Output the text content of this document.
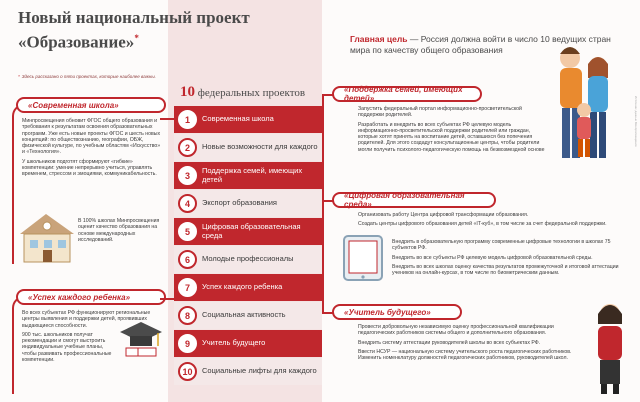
Новый национальный проект
«Образование»*
* Здесь рассказано о пяти проектах, которые наиболее важны.
«Современная школа»

Минпросвещения обновит ФГОС общего образования и требования к результатам освоения образовательных программ. Уже есть новые проекты ФГОС и шесть новых концепций: по обществознанию, географии, ОБЖ, физической культуре, по учебным областям «Искусство» и «Технология».

У школьников подготят сформируют «гибкие» компетенции: умение непрерывно учиться, управлять временем, стрессом и эмоциями, коммуникабельность.

В 100% школах Минпросвещения оценит качество образования на основе международных исследований.
«Успех каждого ребенка»

Во всех субъектах РФ функционируют региональные центры выявления и поддержки детей, проявивших выдающиеся способности.

900 тыс. школьников получат рекомендации и смогут выстроить индивидуальные учебные планы, чтобы развивать профессиональные компетенции.

10 федеральных проектов
1	Современная школа
2	Новые возможности для каждого
3	Поддержка семей, имеющих детей
4	Экспорт образования
5	Цифровая образовательная среда
6	Молодые профессионалы
7	Успех каждого ребенка
8	Социальная активность
9	Учитель будущего
10	Социальные лифты для каждого
Главная цель — Россия должна войти в число 10 ведущих стран мира по качеству общего образования
«Поддержка семей, имеющих детей»

Запустить федеральный портал информационно-просветительской поддержки родителей.

Разработать и внедрить во всех субъектах РФ целевую модель информационно-просветительской поддержки родителей или граждан, которые хотят принять на воспитание детей, оставшихся без попечения родителей. Для этого создадут консультационные центры, чтобы родители могли получить психолого-педагогическую помощь на безвозмездной основе

«Цифровая образовательная среда»

Организовать работу Центра цифровой трансформации образования.

Создать центры цифрового образования детей «IT-куб», в том числе за счет федеральной поддержки.

Внедрить в образовательную программу современные цифровые технологии в школах 75 субъектов РФ.

Внедрить во все субъекты РФ целевую модель цифровой образовательной среды.

Внедрить во всех школах оценку качества результатов промежуточной и итоговой аттестации учеников на онлайн-курсах, в том числе по биометрическим данным.

«Учитель будущего»

Провести добровольную независимую оценку профессиональной квалификации педагогических работников системы общего и дополнительного образования.

Внедрить систему аттестации руководителей школы во всех субъектах РФ.

Ввести НСУР — национальную систему учительского роста педагогических работников. Изменить номенклатуру должностей педагогических работников, руководителей школ.

Источник: данные Минпросвещения
